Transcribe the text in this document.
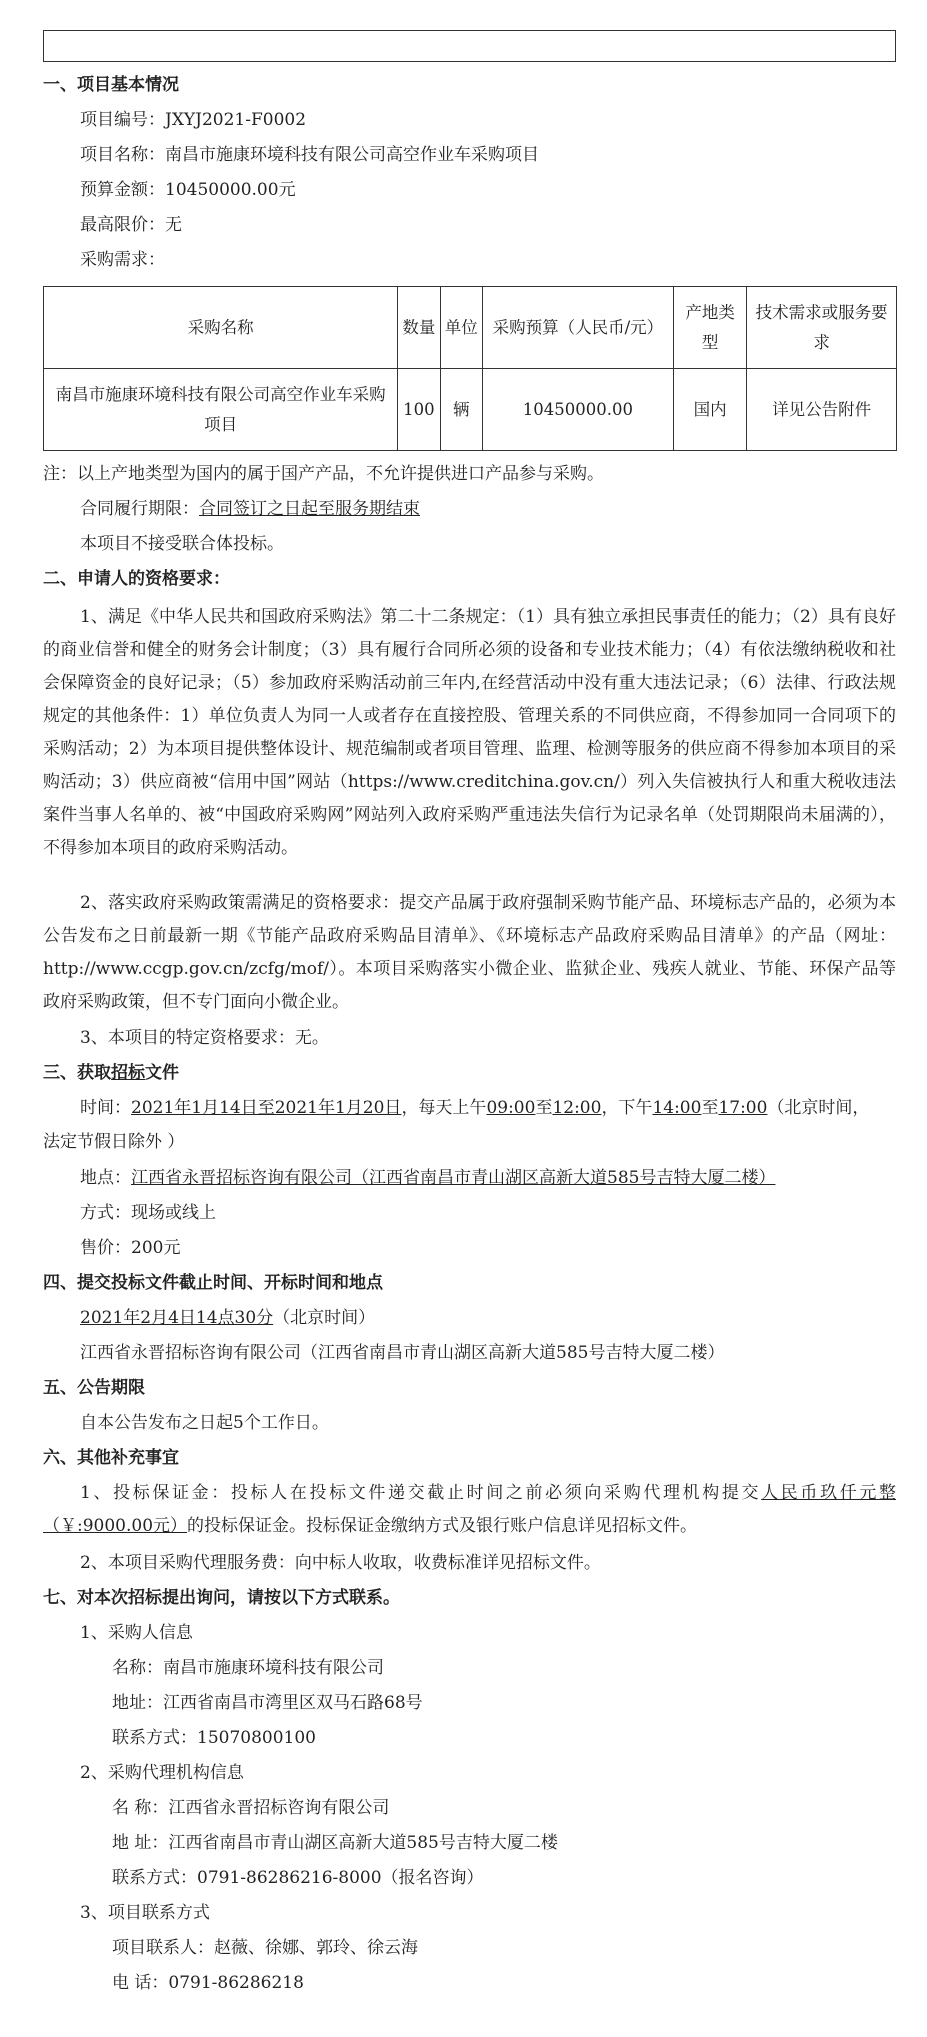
一、项目基本情况
项目编号：JXYJ2021-F0002
项目名称：南昌市施康环境科技有限公司高空作业车采购项目
预算金额：10450000.00元
最高限价：无
采购需求：
采购名称	数量	单位	采购预算（人民币/元）	产地类型	技术需求或服务要求
南昌市施康环境科技有限公司高空作业车采购项目	100	辆	10450000.00	国内	详见公告附件
注：以上产地类型为国内的属于国产产品，不允许提供进口产品参与采购。
合同履行期限：合同签订之日起至服务期结束
本项目不接受联合体投标。
二、申请人的资格要求：
1、满足《中华人民共和国政府采购法》第二十二条规定：（1）具有独立承担民事责任的能力；（2）具有良好的商业信誉和健全的财务会计制度；（3）具有履行合同所必须的设备和专业技术能力；（4）有依法缴纳税收和社会保障资金的良好记录；（5）参加政府采购活动前三年内,在经营活动中没有重大违法记录；（6）法律、行政法规规定的其他条件：1）单位负责人为同一人或者存在直接控股、管理关系的不同供应商，不得参加同一合同项下的采购活动；2）为本项目提供整体设计、规范编制或者项目管理、监理、检测等服务的供应商不得参加本项目的采购活动；3）供应商被“信用中国”网站（https://www.creditchina.gov.cn/）列入失信被执行人和重大税收违法案件当事人名单的、被“中国政府采购网”网站列入政府采购严重违法失信行为记录名单（处罚期限尚未届满的），不得参加本项目的政府采购活动。
2、落实政府采购政策需满足的资格要求：提交产品属于政府强制采购节能产品、环境标志产品的，必须为本公告发布之日前最新一期《节能产品政府采购品目清单》、《环境标志产品政府采购品目清单》的产品（网址：http://www.ccgp.gov.cn/zcfg/mof/）。本项目采购落实小微企业、监狱企业、残疾人就业、节能、环保产品等政府采购政策，但不专门面向小微企业。
3、本项目的特定资格要求：无。
三、获取招标文件
时间：2021年1月14日至2021年1月20日，每天上午09:00至12:00，下午14:00至17:00（北京时间，
法定节假日除外 ）
地点：江西省永晋招标咨询有限公司（江西省南昌市青山湖区高新大道585号吉特大厦二楼）
方式：现场或线上
售价：200元
四、提交投标文件截止时间、开标时间和地点
2021年2月4日14点30分（北京时间）
江西省永晋招标咨询有限公司（江西省南昌市青山湖区高新大道585号吉特大厦二楼）
五、公告期限
自本公告发布之日起5个工作日。
六、其他补充事宜
1、投标保证金：投标人在投标文件递交截止时间之前必须向采购代理机构提交人民币玖仟元整（￥:9000.00元）的投标保证金。投标保证金缴纳方式及银行账户信息详见招标文件。
2、本项目采购代理服务费：向中标人收取，收费标准详见招标文件。
七、对本次招标提出询问，请按以下方式联系。
1、采购人信息
名称：南昌市施康环境科技有限公司
地址：江西省南昌市湾里区双马石路68号
联系方式：15070800100
2、采购代理机构信息
名 称：江西省永晋招标咨询有限公司
地 址：江西省南昌市青山湖区高新大道585号吉特大厦二楼
联系方式：0791-86286216-8000（报名咨询）
3、项目联系方式
项目联系人：赵薇、徐娜、郭玲、徐云海
电 话：0791-86286218
